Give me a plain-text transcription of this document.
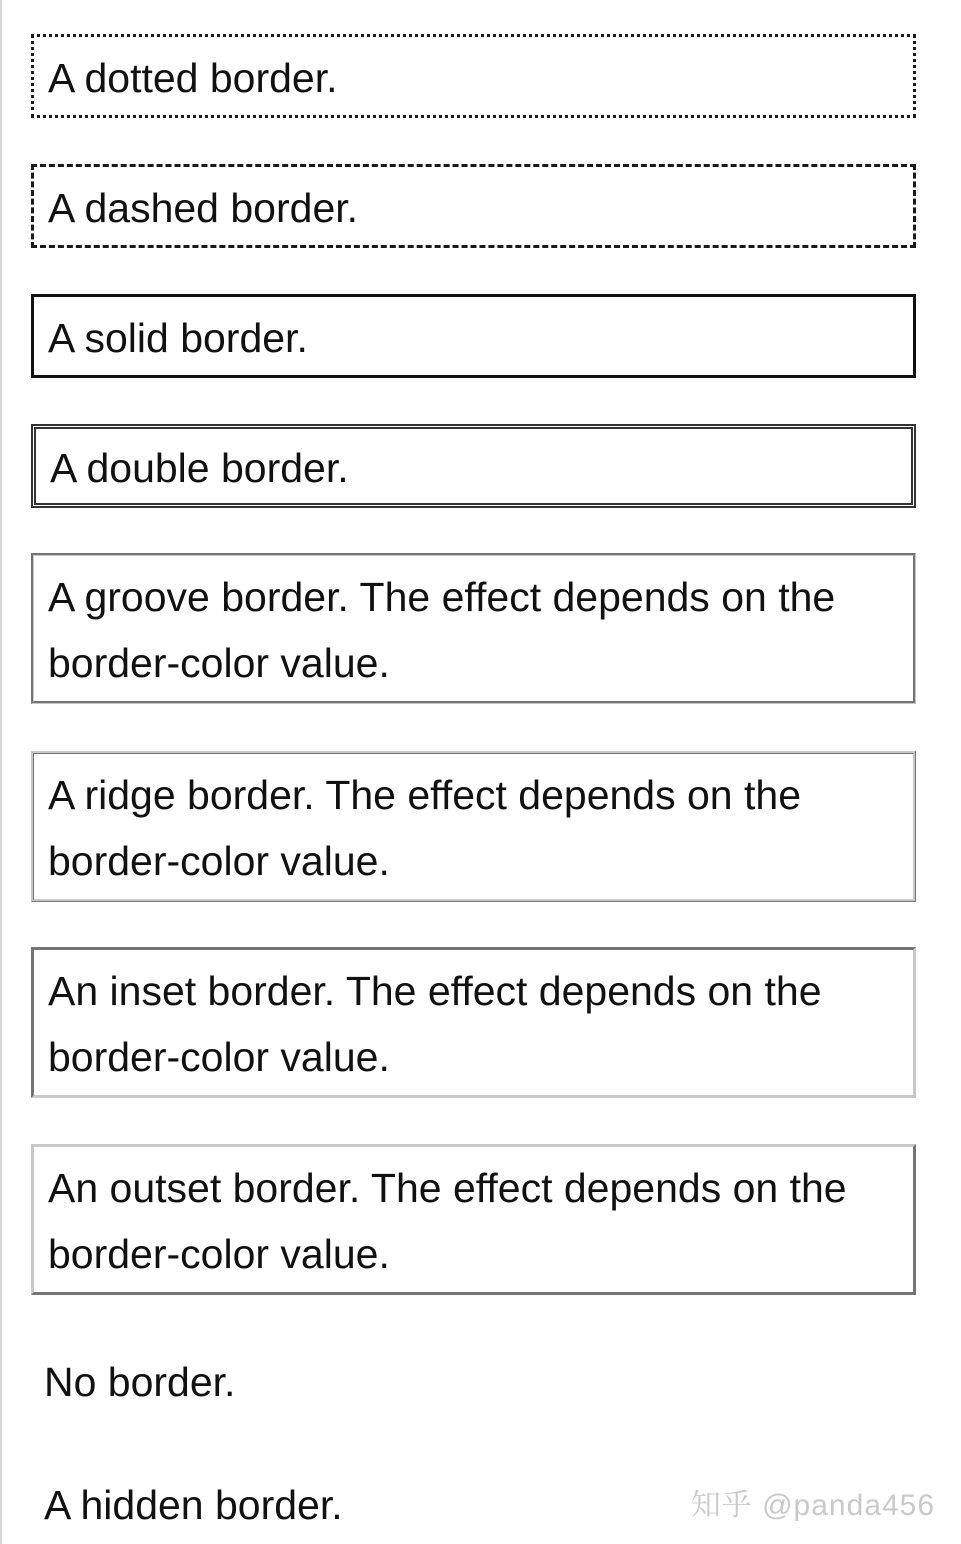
A dotted border.

A dashed border.

A solid border.

A double border.

A groove border. The effect depends on the border-color value.

A ridge border. The effect depends on the border-color value.

An inset border. The effect depends on the border-color value.

An outset border. The effect depends on the border-color value.

No border.

A hidden border.	知乎 @panda456
